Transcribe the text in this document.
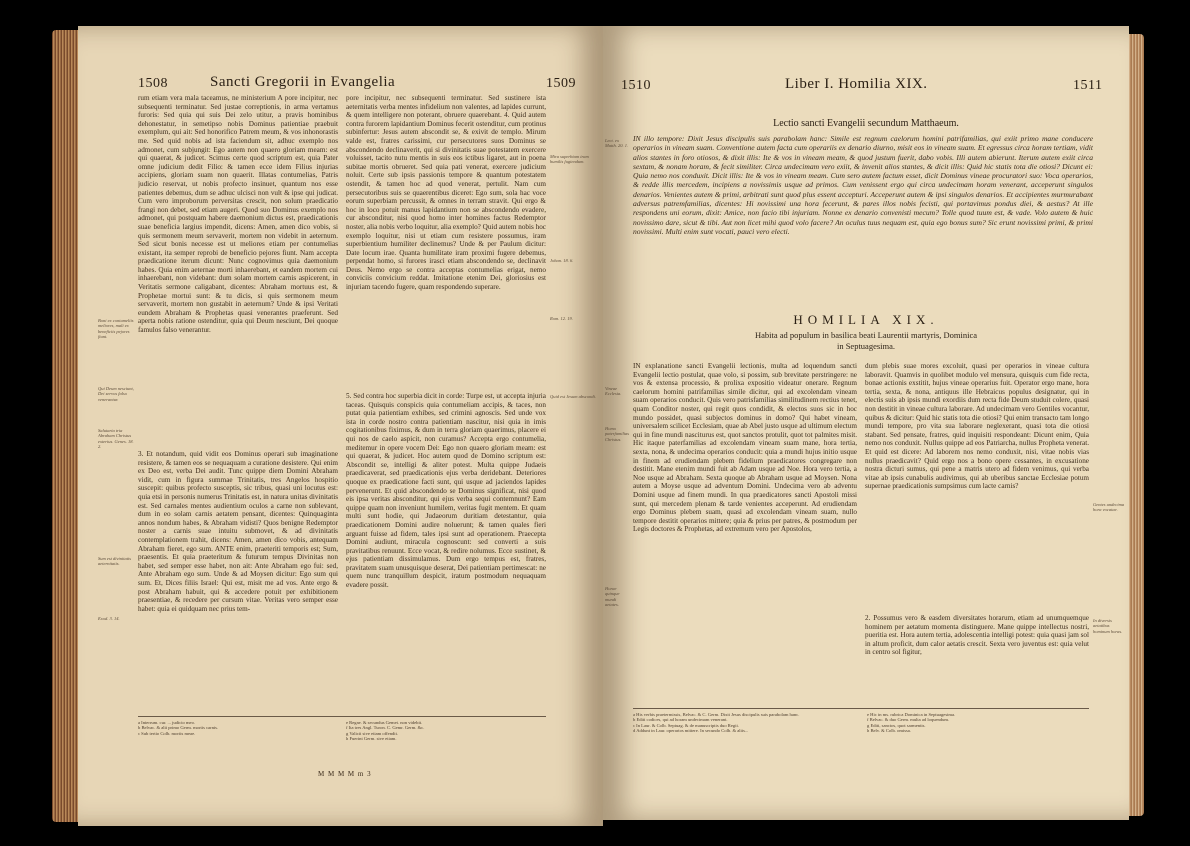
Sancti Gregorii in Evangelia
1508	1509
rum etiam vera mala taceamus, ne ministerium A pore incipitur, nec subsequenti terminatur. Sed justae correptionis, in arma vertamus furoris: Sed quia qui suis Dei zelo utitur, a pravis hominibus dehonestatur, in semetipso nobis Dominus patientiae praebuit exemplum, qui ait: Sed honorifico Patrem meum, & vos inhonorastis me. Sed quid nobis ad ista faciendum sit, adhuc exemplo nos admonet, cum subjungit: Ego autem non quaero gloriam meam: est qui quaerat, & judicet. Scimus certe quod scriptum est, quia Pater omne judicium dedit Filio: & tamen ecce idem Filius injurias accipiens, gloriam suam non quaerit. Illatas contumelias, Patris judicio reservat, ut nobis profecto insinuet, quantum nos esse patientes debemus, dum se adhuc ulcisci non vult & ipse qui judicat. Cum vero improborum perversitas crescit, non solum praedicatio frangi non debet, sed etiam augeri. Quod suo Dominus exemplo nos admonet, qui postquam habere daemonium dictus est, praedicationis suae beneficia largius impendit, dicens: Amen, amen dico vobis, si quis sermonem meum servaverit, mortem non videbit in aeternum. Sed sicut bonis necesse est ut meliores etiam per contumelias existant, ita semper reprobi de beneficio pejores fiunt. Nam accepta praedicatione iterum dicunt: Nunc cognovimus quia daemonium habes. Quia enim aeternae morti inhaerebant, et eandem mortem cui inhaerebant, non videbant: dum solam mortem carnis aspicerent, in Veritatis sermone caligabant, dicentes: Abraham mortuus est, & Prophetae mortui sunt: & tu dicis, si quis sermonem meum servaverit, mortem non gustabit in aeternum? Unde & ipsi Veritati eundem Abraham & Prophetas quasi venerantes praeferunt. Sed aperta nobis ratione ostenditur, quia qui Deum nesciunt, Dei quoque famulos falso venerantur.
3. Et notandum, quid vidit eos Dominus operari sub imaginatione resistere, & tamen eos se nequaquam a curatione desistere. Qui enim ex Deo est, verba Dei audit. Tunc quippe diem Domini Abraham vidit, cum in figura summae Trinitatis, tres Angelos hospitio suscepit: quibus profecto susceptis, sic tribus, quasi uni locutus est: quia etsi in personis numerus Trinitatis est, in natura unitas divinitatis est. Sed carnales mentes audientium oculos a carne non sublevant, dum in eo solam carnis aetatem pensant, dicentes: Quinquaginta annos nondum habes, & Abraham vidisti? Quos benigne Redemptor noster a carnis suae intuitu submovet, & ad divinitatis contemplationem trahit, dicens: Amen, amen dico vobis, antequam Abraham fieret, ego sum. ANTE enim, praeteriti temporis est; Sum, praesentis. Et quia praeteritum & futurum tempus Divinitas non habet, sed semper esse habet, non ait: Ante Abraham ego fui: sed, Ante Abraham ego sum. Unde & ad Moysen dicitur: Ego sum qui sum. Et, Dices filiis Israel: Qui est, misit me ad vos. Ante ergo & post Abraham habuit, qui & accedere potuit per exhibitionem praesentiae, & recedere per cursum vitae. Veritas vero semper esse habet: quia ei quidquam nec prius tem-
pore incipitur, nec subsequenti terminatur. Sed sustinere ista aeternitatis verba mentes infidelium non valentes, ad lapides currunt, & quem intelligere non poterant, obruere quaerebant. 4. Quid autem contra furorem lapidantium Dominus fecerit ostenditur, cum protinus subinfertur: Jesus autem abscondit se, & exivit de templo. Mirum valde est, fratres carissimi, cur persecutores suos Dominus se abscondendo declinaverit, qui si divinitatis suae potestatem exercere voluisset, tacito nutu mentis in suis eos ictibus ligaret, aut in poena subitae mortis obrueret. Sed quia pati venerat, exercere judicium noluit. Certe sub ipsis passionis tempore & quantum potestatem ostendit, & tamen hoc ad quod venerat, pertulit. Nam cum persecutoribus suis se quaerentibus diceret: Ego sum, sola hac voce eorum superbiam percussit, & omnes in terram stravit. Qui ergo & hoc in loco potuit manus lapidantium non se abscondendo evadere, cur absconditur, nisi quod homo inter homines factus Redemptor noster, alia nobis verbo loquitur, alia exemplo? Quid autem nobis hoc exemplo loquitur, nisi ut etiam cum resistere possumus, iram superbientium humiliter declinemus? Unde & per Paulum dicitur: Date locum irae. Quanta humilitate iram proximi fugere debemus, perpendat homo, si furores irasci etiam abscondendo se, declinavit Deus. Nemo ergo se contra acceptas contumelias erigat, nemo conviciis convicium reddat. Imitatione etenim Dei, gloriosius est injuriam tacendo fugere, quam respondendo superare.
5. Sed contra hoc superbia dicit in corde: Turpe est, ut accepta injuria taceas. Quisquis conspicis quia contumeliam accipis, & taces, non putat quia patientiam exhibes, sed crimini agnoscis. Sed unde vox ista in corde nostro contra patientiam nascitur, nisi quia in imis cogitationibus fiximus, & dum in terra gloriam quaerimus, placere ei qui nos de caelo aspicit, non curamus? Accepta ergo contumelia, meditemur in opere vocem Dei: Ego non quaero gloriam meam: est qui quaerat, & judicet. Hoc autem quod de Domino scriptum est: Abscondit se, intelligi & aliter potest. Multa quippe Judaeis praedicaverat, sed praedicationis ejus verba deridebant. Deteriores quoque ex praedicatione facti sunt, qui usque ad jaciendos lapides pervenerunt. Et quid abscondendo se Dominus significat, nisi quod eis ipsa veritas absconditur, qui ejus verba sequi contemnunt? Eam quippe quam non inveniunt humilem, veritas fugit mentem. Et quam multi sunt hodie, qui Judaeorum duritiam detestantur, quia praedicationem Domini audire noluerunt; & tamen quales fieri arguant fuisse ad fidem, tales ipsi sunt ad operationem. Praecepta Domini audiunt, miracula cognoscunt: sed converti a suis pravitatibus renuunt. Ecce vocat, & redire nolumus. Ecce sustinet, & ejus patientiam dissimulamus. Dum ergo tempus est, fratres, pravitatem suam unusquisque deserat, Dei patientiam pertimescat: ne quem nunc tranquillum despicit, iratum postmodum nequaquam evadere possit.
a Interrum. cur. ... judicio meo.
b Belvac. & alii primo Germ. mortis carnis.
c Sub tertio Colb. mortis meae.
e Regae. & secundus Gemet. non videbit.
f Ita tres Angl. Turon. C. Gemr. Germ. &c.
g Valicii sive etiam offendit.
h Fuerint Germ. sive etiam.
Boni ex contumeliis meliores, mali ex beneficiis pejores fiunt.
Qui Deum nesciunt, Dei servos falso venerantur.
Salutaria tria Abraham Christus exterius. Genes. 18. 2.
Sum est divinitatis aeternitatis.
Exod. 3. 14.
Mira superbiam iram humilis fugiendum.
Johan. 18. 6.
Rom. 12. 19.
Quid est Jesum abscondi.
M M M M m 3
1510	Liber I. Homilia XIX.	1511
Lectio sancti Evangelii secundum Matthaeum.
IN illo tempore: Dixit Jesus discipulis suis parabolam hanc: Simile est regnum caelorum homini patrifamilias, qui exiit primo mane conducere operarios in vineam suam. Conventione autem facta cum operariis ex denario diurno, misit eos in vineam suam. Et egressus circa horam tertiam, vidit alios stantes in foro otiosos, & dixit illis: Ite & vos in vineam meam, & quod justum fuerit, dabo vobis. Illi autem abierunt. Iterum autem exiit circa sextam, & nonam horam, & fecit similiter. Circa undecimam vero exiit, & invenit alios stantes, & dicit illis: Quid hic statis tota die otiosi? Dicunt ei: Quia nemo nos conduxit. Dicit illis: Ite & vos in vineam meam. Cum sero autem factum esset, dicit Dominus vineae procuratori suo: Voca operarios, & redde illis mercedem, incipiens a novissimis usque ad primos. Cum venissent ergo qui circa undecimam horam venerant, acceperunt singulos denarios. Venientes autem & primi, arbitrati sunt quod plus essent accepturi. Acceperunt autem & ipsi singulos denarios. Et accipientes murmurabant adversus patremfamilias, dicentes: Hi novissimi una hora fecerunt, & pares illos nobis fecisti, qui portavimus pondus diei, & aestus? At ille respondens uni eorum, dixit: Amice, non facio tibi injuriam. Nonne ex denario convenisti mecum? Tolle quod tuum est, & vade. Volo autem & huic novissimo dare, sicut & tibi. Aut non licet mihi quod volo facere? An oculus tuus nequam est, quia ego bonus sum? Sic erunt novissimi primi, & primi novissimi. Multi enim sunt vocati, pauci vero electi.
HOMILIA XIX.
Habita ad populum in basilica beati Laurentii martyris, Dominica
in Septuagesima.
IN explanatione sancti Evangelii lectionis, multa ad loquendum sancti Evangelii lectio postulat, quae volo, si possim, sub brevitate perstringere: ne vos & extensa processio, & prolixa expositio videatur onerare. Regnum caelorum homini patrifamilias simile dicitur, qui ad excolendam vineam suam operarios conducit. Quis vero patrisfamilias similitudinem rectius tenet, quam Conditor noster, qui regit quos condidit, & electos suos sic in hoc mundo possidet, quasi subjectos dominus in domo? Qui habet vineam, universalem scilicet Ecclesiam, quae ab Abel justo usque ad ultimum electum qui in fine mundi nasciturus est, quot sanctos protulit, quot tot palmites misit. Hic itaque paterfamilias ad excolendam vineam suam mane, hora tertia, sexta, nona, & undecima operarios conducit: quia a mundi hujus initio usque in finem ad erudiendam plebem fidelium praedicatores congregare non destitit. Mane etenim mundi fuit ab Adam usque ad Noe. Hora vero tertia, a Noe usque ad Abraham. Sexta quoque ab Abraham usque ad Moysen. Nona autem a Moyse usque ad adventum Domini. Undecima vero ab adventu Domini usque ad finem mundi. In qua praedicatores sancti Apostoli missi sunt, qui mercedem plenam & tarde venientes acceperunt. Ad erudiendam ergo Dominus plebem suam, quasi ad excolendam vineam suam, nullo tempore destitit operarios mittere; quia & prius per patres, & postmodum per Legis doctores & Prophetas, ad extremum vero per Apostolos,
dum plebis suae mores excoluit, quasi per operarios in vineae cultura laboravit. Quamvis in quolibet modulo vel mensura, quisquis cum fide recta, bonae actionis exstitit, hujus vineae operarius fuit. Operator ergo mane, hora tertia, sexta, & nona, antiquus ille Hebraicus populus designatur, qui in electis suis ab ipsis mundi exordiis dum recta fide Deum studuit colere, quasi non destitit in vineae cultura laborare. Ad undecimam vero Gentiles vocantur, quibus & dicitur: Quid hic statis tota die otiosi? Qui enim transacto tam longo mundi tempore, pro vita sua laborare neglexerant, quasi tota die otiosi stabant. Sed pensate, fratres, quid inquisiti respondeant: Dicunt enim, Quia nemo nos conduxit. Nullus quippe ad eos Patriarcha, nullus Propheta venerat. Et quid est dicere: Ad laborem nos nemo conduxit, nisi, vitae nobis vias nullus praedicavit? Quid ergo nos a bono opere cessantes, in excusatione nostra dicturi sumus, qui pene a matris utero ad fidem venimus, qui verba vitae ab ipsis cunabulis audivimus, qui ab uberibus sanctae Ecclesiae potum supernae praedicationis sumpsimus cum lacte carnis?
2. Possumus vero & easdem diversitates horarum, etiam ad unumquemque hominem per aetatum momenta distinguere. Mane quippe intellectus nostri, pueritia est. Hora autem tertia, adolescentia intelligi potest: quia quasi jam sol in altum proficit, dum calor aetatis crescit. Sexta vero juventus est: quia velut in centro sol figitur,
a His verbis praetermissis, Belvac. & C. Germ. Dixit Jesus discipulis suis parabolam hanc.
b Editi codices, qui ad horam undecimam venerant.
c In Laur. & Colb. Septuag. & de manuscriptis duo Regii.
d Addunt in Laur. operarios mittere. In secundo Colb. & aliis...
e Hic in ms. rubrica Dominica in Septuagesima.
f Belvac. & duo Germ. multa ad loquendum.
g Editi, sanctos, quot sarmentis.
h Belv. & Colb. omissa.
Lect. ex Matth. 20. 1.
Vineae Ecclesia.
Homo paterfamilias Christus.
Horae quinque mundi aetates.
Gentes undecima hora vocatae.
In diversis aetatibus hominum horas.
